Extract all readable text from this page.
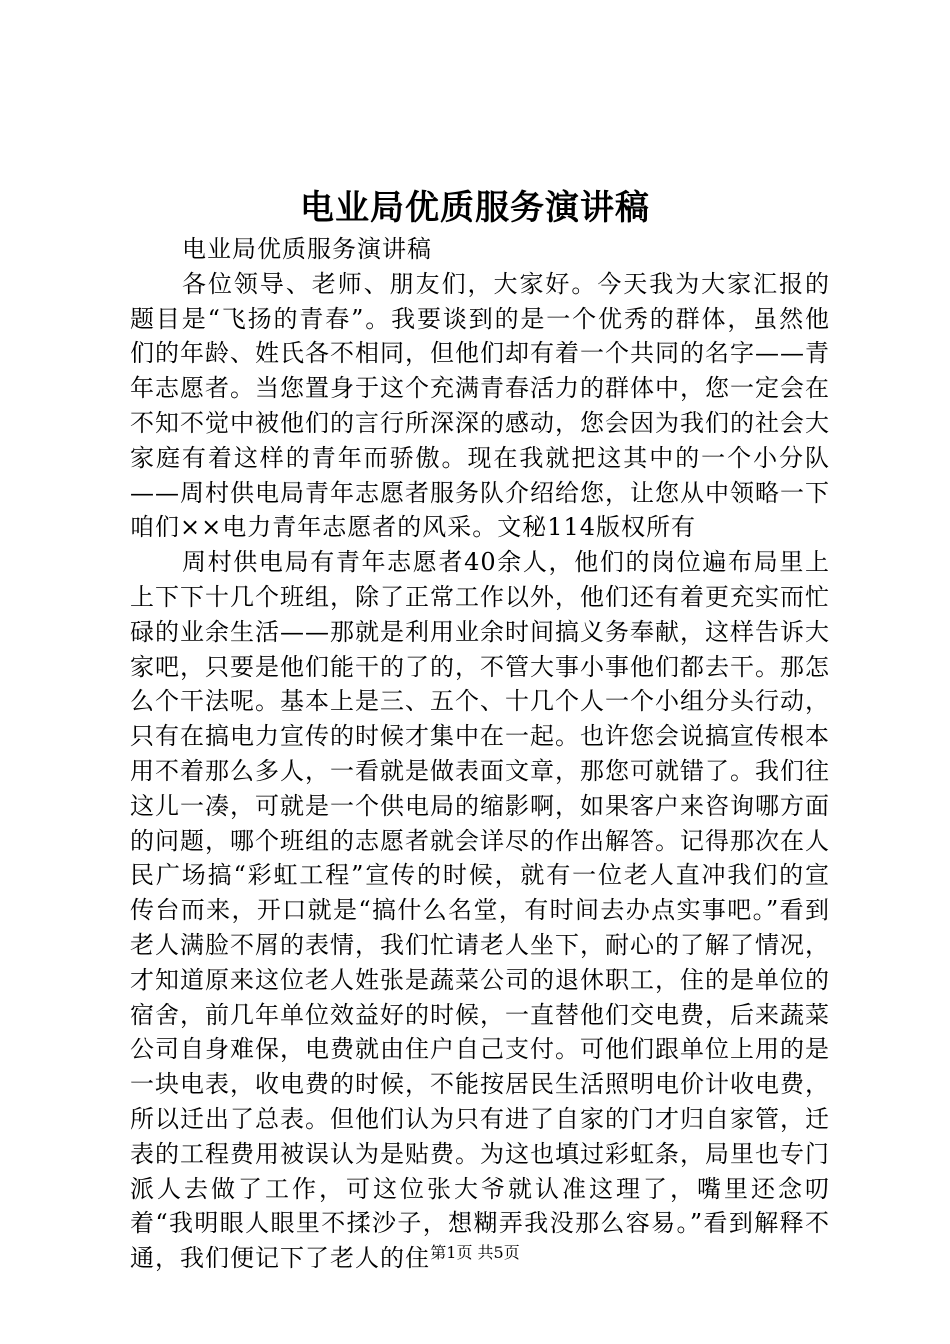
电业局优质服务演讲稿

电业局优质服务演讲稿

各位领导、老师、朋友们，大家好。今天我为大家汇报的题目是“飞扬的青春”。我要谈到的是一个优秀的群体，虽然他们的年龄、姓氏各不相同，但他们却有着一个共同的名字——青年志愿者。当您置身于这个充满青春活力的群体中，您一定会在不知不觉中被他们的言行所深深的感动，您会因为我们的社会大家庭有着这样的青年而骄傲。现在我就把这其中的一个小分队——周村供电局青年志愿者服务队介绍给您，让您从中领略一下咱们××电力青年志愿者的风采。文秘114版权所有

周村供电局有青年志愿者40余人，他们的岗位遍布局里上上下下十几个班组，除了正常工作以外，他们还有着更充实而忙碌的业余生活——那就是利用业余时间搞义务奉献，这样告诉大家吧，只要是他们能干的了的，不管大事小事他们都去干。那怎么个干法呢。基本上是三、五个、十几个人一个小组分头行动，只有在搞电力宣传的时候才集中在一起。也许您会说搞宣传根本用不着那么多人，一看就是做表面文章，那您可就错了。我们往这儿一凑，可就是一个供电局的缩影啊，如果客户来咨询哪方面的问题，哪个班组的志愿者就会详尽的作出解答。记得那次在人民广场搞“彩虹工程”宣传的时候，就有一位老人直冲我们的宣传台而来，开口就是“搞什么名堂，有时间去办点实事吧。”看到老人满脸不屑的表情，我们忙请老人坐下，耐心的了解了情况，才知道原来这位老人姓张是蔬菜公司的退休职工，住的是单位的宿舍，前几年单位效益好的时候，一直替他们交电费，后来蔬菜公司自身难保，电费就由住户自己支付。可他们跟单位上用的是一块电表，收电费的时候，不能按居民生活照明电价计收电费，所以迁出了总表。但他们认为只有进了自家的门才归自家管，迁表的工程费用被误认为是贴费。为这也填过彩虹条，局里也专门派人去做了工作，可这位张大爷就认准这理了，嘴里还念叨着“我明眼人眼里不揉沙子，想糊弄我没那么容易。”看到解释不通，我们便记下了老人的住 第1页 共5页
